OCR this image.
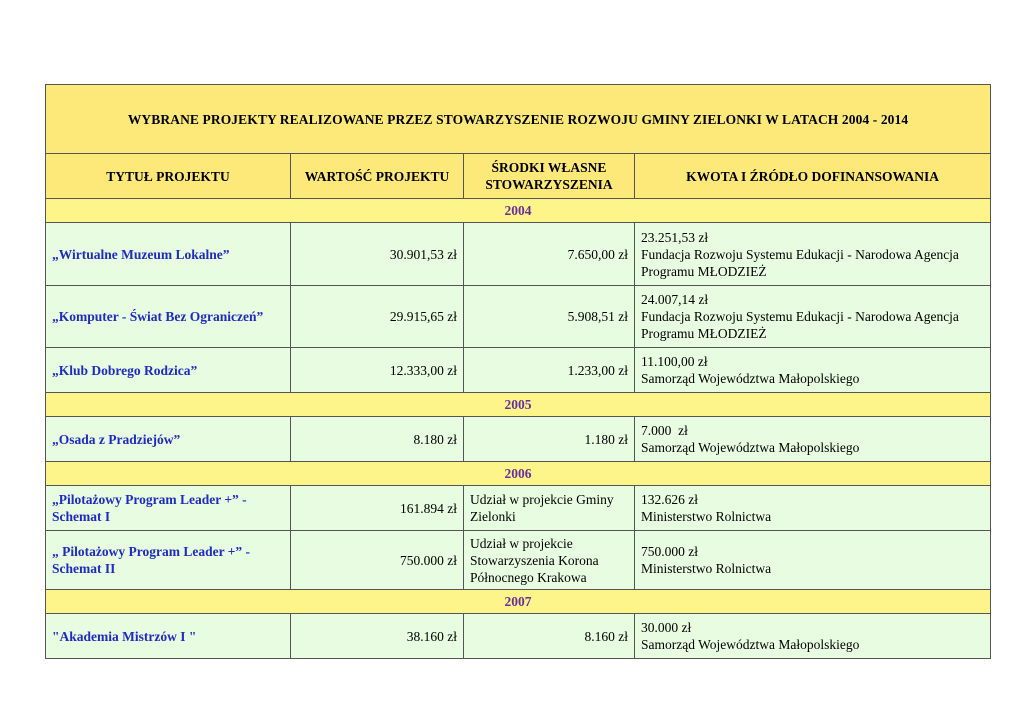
WYBRANE PROJEKTY REALIZOWANE PRZEZ STOWARZYSZENIE ROZWOJU GMINY ZIELONKI W LATACH 2004 - 2014			
TYTUŁ PROJEKTU	WARTOŚĆ PROJEKTU	ŚRODKI WŁASNE STOWARZYSZENIA	KWOTA I ŹRÓDŁO DOFINANSOWANIA
2004			
„Wirtualne Muzeum Lokalne”	30.901,53 zł	7.650,00 zł	23.251,53 zł
Fundacja Rozwoju Systemu Edukacji - Narodowa Agencja Programu MŁODZIEŻ

„Komputer - Świat Bez Ograniczeń”	29.915,65 zł	5.908,51 zł	24.007,14 zł
Fundacja Rozwoju Systemu Edukacji - Narodowa Agencja Programu MŁODZIEŻ

„Klub Dobrego Rodzica”	12.333,00 zł	1.233,00 zł	11.100,00 zł
Samorząd Województwa Małopolskiego

2005			
„Osada z Pradziejów”	8.180 zł	1.180 zł	7.000  zł
Samorząd Województwa Małopolskiego

2006			
„Pilotażowy Program Leader +” - Schemat I	161.894 zł	Udział w projekcie Gminy Zielonki	132.626 zł
Ministerstwo Rolnictwa

„ Pilotażowy Program Leader +” - Schemat II	750.000 zł	Udział w projekcie Stowarzyszenia Korona Północnego Krakowa	750.000 zł
Ministerstwo Rolnictwa

2007			
"Akademia Mistrzów I "	38.160 zł	8.160 zł	30.000 zł
Samorząd Województwa Małopolskiego
